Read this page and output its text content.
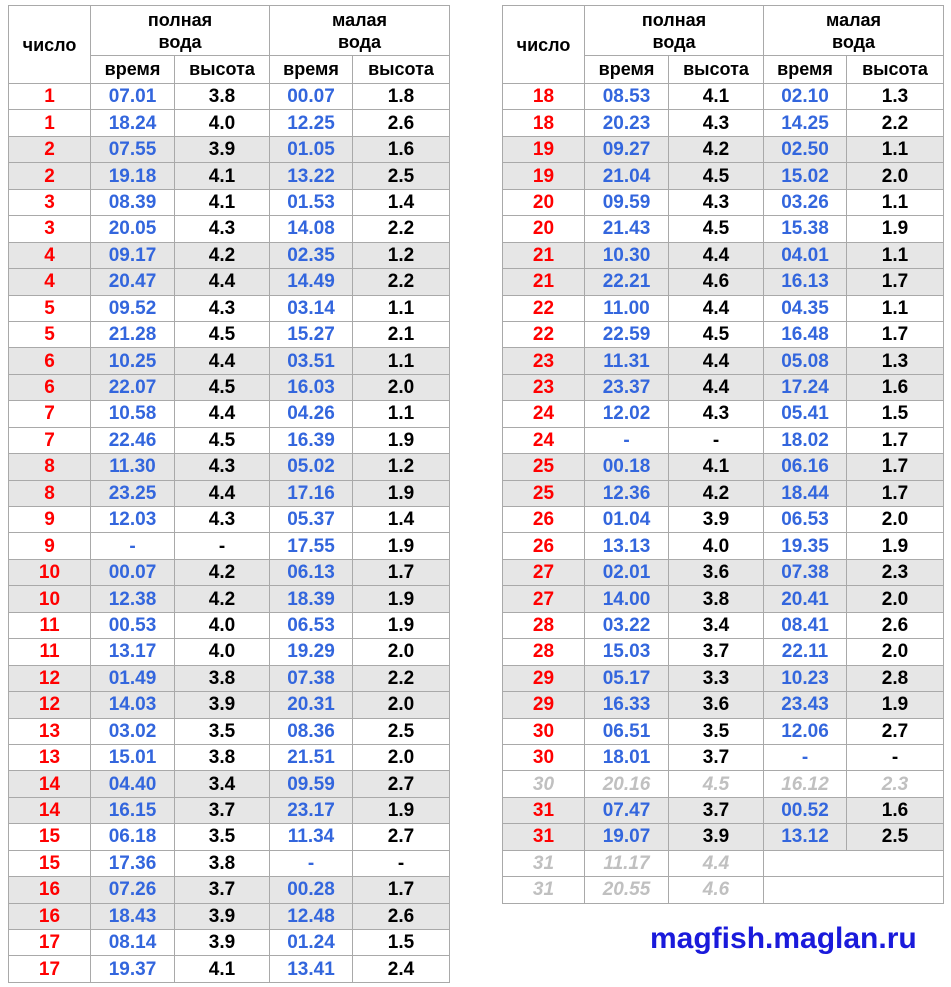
число	полная
вода		малая
вода	
	время	высота	время	высота
1	07.01	3.8	00.07	1.8
1	18.24	4.0	12.25	2.6
2	07.55	3.9	01.05	1.6
2	19.18	4.1	13.22	2.5
3	08.39	4.1	01.53	1.4
3	20.05	4.3	14.08	2.2
4	09.17	4.2	02.35	1.2
4	20.47	4.4	14.49	2.2
5	09.52	4.3	03.14	1.1
5	21.28	4.5	15.27	2.1
6	10.25	4.4	03.51	1.1
6	22.07	4.5	16.03	2.0
7	10.58	4.4	04.26	1.1
7	22.46	4.5	16.39	1.9
8	11.30	4.3	05.02	1.2
8	23.25	4.4	17.16	1.9
9	12.03	4.3	05.37	1.4
9	-	-	17.55	1.9
10	00.07	4.2	06.13	1.7
10	12.38	4.2	18.39	1.9
11	00.53	4.0	06.53	1.9
11	13.17	4.0	19.29	2.0
12	01.49	3.8	07.38	2.2
12	14.03	3.9	20.31	2.0
13	03.02	3.5	08.36	2.5
13	15.01	3.8	21.51	2.0
14	04.40	3.4	09.59	2.7
14	16.15	3.7	23.17	1.9
15	06.18	3.5	11.34	2.7
15	17.36	3.8	-	-
16	07.26	3.7	00.28	1.7
16	18.43	3.9	12.48	2.6
17	08.14	3.9	01.24	1.5
17	19.37	4.1	13.41	2.4
число	полная
вода		малая
вода	
	время	высота	время	высота
18	08.53	4.1	02.10	1.3
18	20.23	4.3	14.25	2.2
19	09.27	4.2	02.50	1.1
19	21.04	4.5	15.02	2.0
20	09.59	4.3	03.26	1.1
20	21.43	4.5	15.38	1.9
21	10.30	4.4	04.01	1.1
21	22.21	4.6	16.13	1.7
22	11.00	4.4	04.35	1.1
22	22.59	4.5	16.48	1.7
23	11.31	4.4	05.08	1.3
23	23.37	4.4	17.24	1.6
24	12.02	4.3	05.41	1.5
24	-	-	18.02	1.7
25	00.18	4.1	06.16	1.7
25	12.36	4.2	18.44	1.7
26	01.04	3.9	06.53	2.0
26	13.13	4.0	19.35	1.9
27	02.01	3.6	07.38	2.3
27	14.00	3.8	20.41	2.0
28	03.22	3.4	08.41	2.6
28	15.03	3.7	22.11	2.0
29	05.17	3.3	10.23	2.8
29	16.33	3.6	23.43	1.9
30	06.51	3.5	12.06	2.7
30	18.01	3.7	-	-
30	20.16	4.5	16.12	2.3
31	07.47	3.7	00.52	1.6
31	19.07	3.9	13.12	2.5
31	11.17	4.4		
31	20.55	4.6		
magfish.maglan.ru
